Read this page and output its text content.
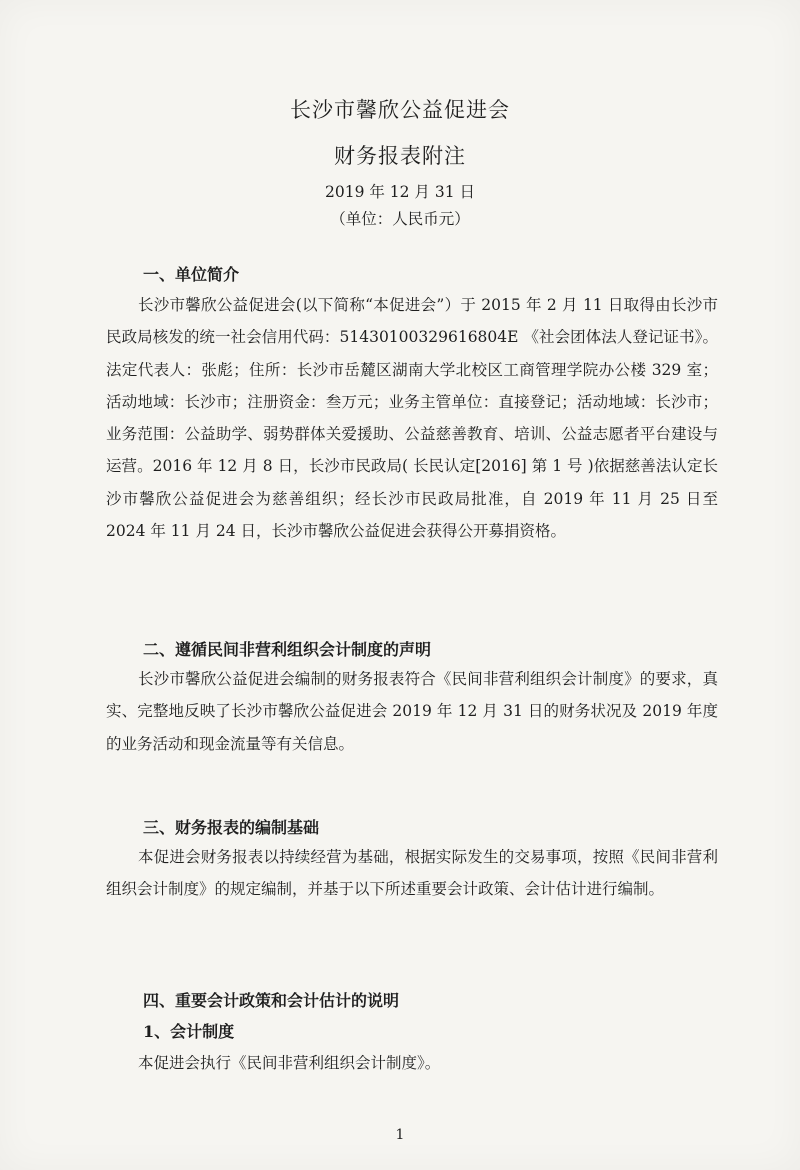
长沙市馨欣公益促进会
财务报表附注
2019 年 12 月 31 日
（单位：人民币元）
一、单位简介

长沙市馨欣公益促进会(以下简称“本促进会”）于 2015 年 2 月 11 日取得由长沙市民政局核发的统一社会信用代码：51430100329616804E 《社会团体法人登记证书》。法定代表人：张彪；住所：长沙市岳麓区湖南大学北校区工商管理学院办公楼 329 室；活动地域：长沙市；注册资金：叁万元；业务主管单位：直接登记；活动地域：长沙市；业务范围：公益助学、弱势群体关爱援助、公益慈善教育、培训、公益志愿者平台建设与运营。2016 年 12 月 8 日，长沙市民政局( 长民认定[2016] 第 1 号 )依据慈善法认定长沙市馨欣公益促进会为慈善组织；经长沙市民政局批准，自 2019 年 11 月 25 日至 2024 年 11 月 24 日，长沙市馨欣公益促进会获得公开募捐资格。

二、遵循民间非营利组织会计制度的声明

长沙市馨欣公益促进会编制的财务报表符合《民间非营利组织会计制度》的要求，真实、完整地反映了长沙市馨欣公益促进会 2019 年 12 月 31 日的财务状况及 2019 年度的业务活动和现金流量等有关信息。

三、财务报表的编制基础

本促进会财务报表以持续经营为基础，根据实际发生的交易事项，按照《民间非营利组织会计制度》的规定编制，并基于以下所述重要会计政策、会计估计进行编制。

四、重要会计政策和会计估计的说明
1、会计制度

本促进会执行《民间非营利组织会计制度》。

1
